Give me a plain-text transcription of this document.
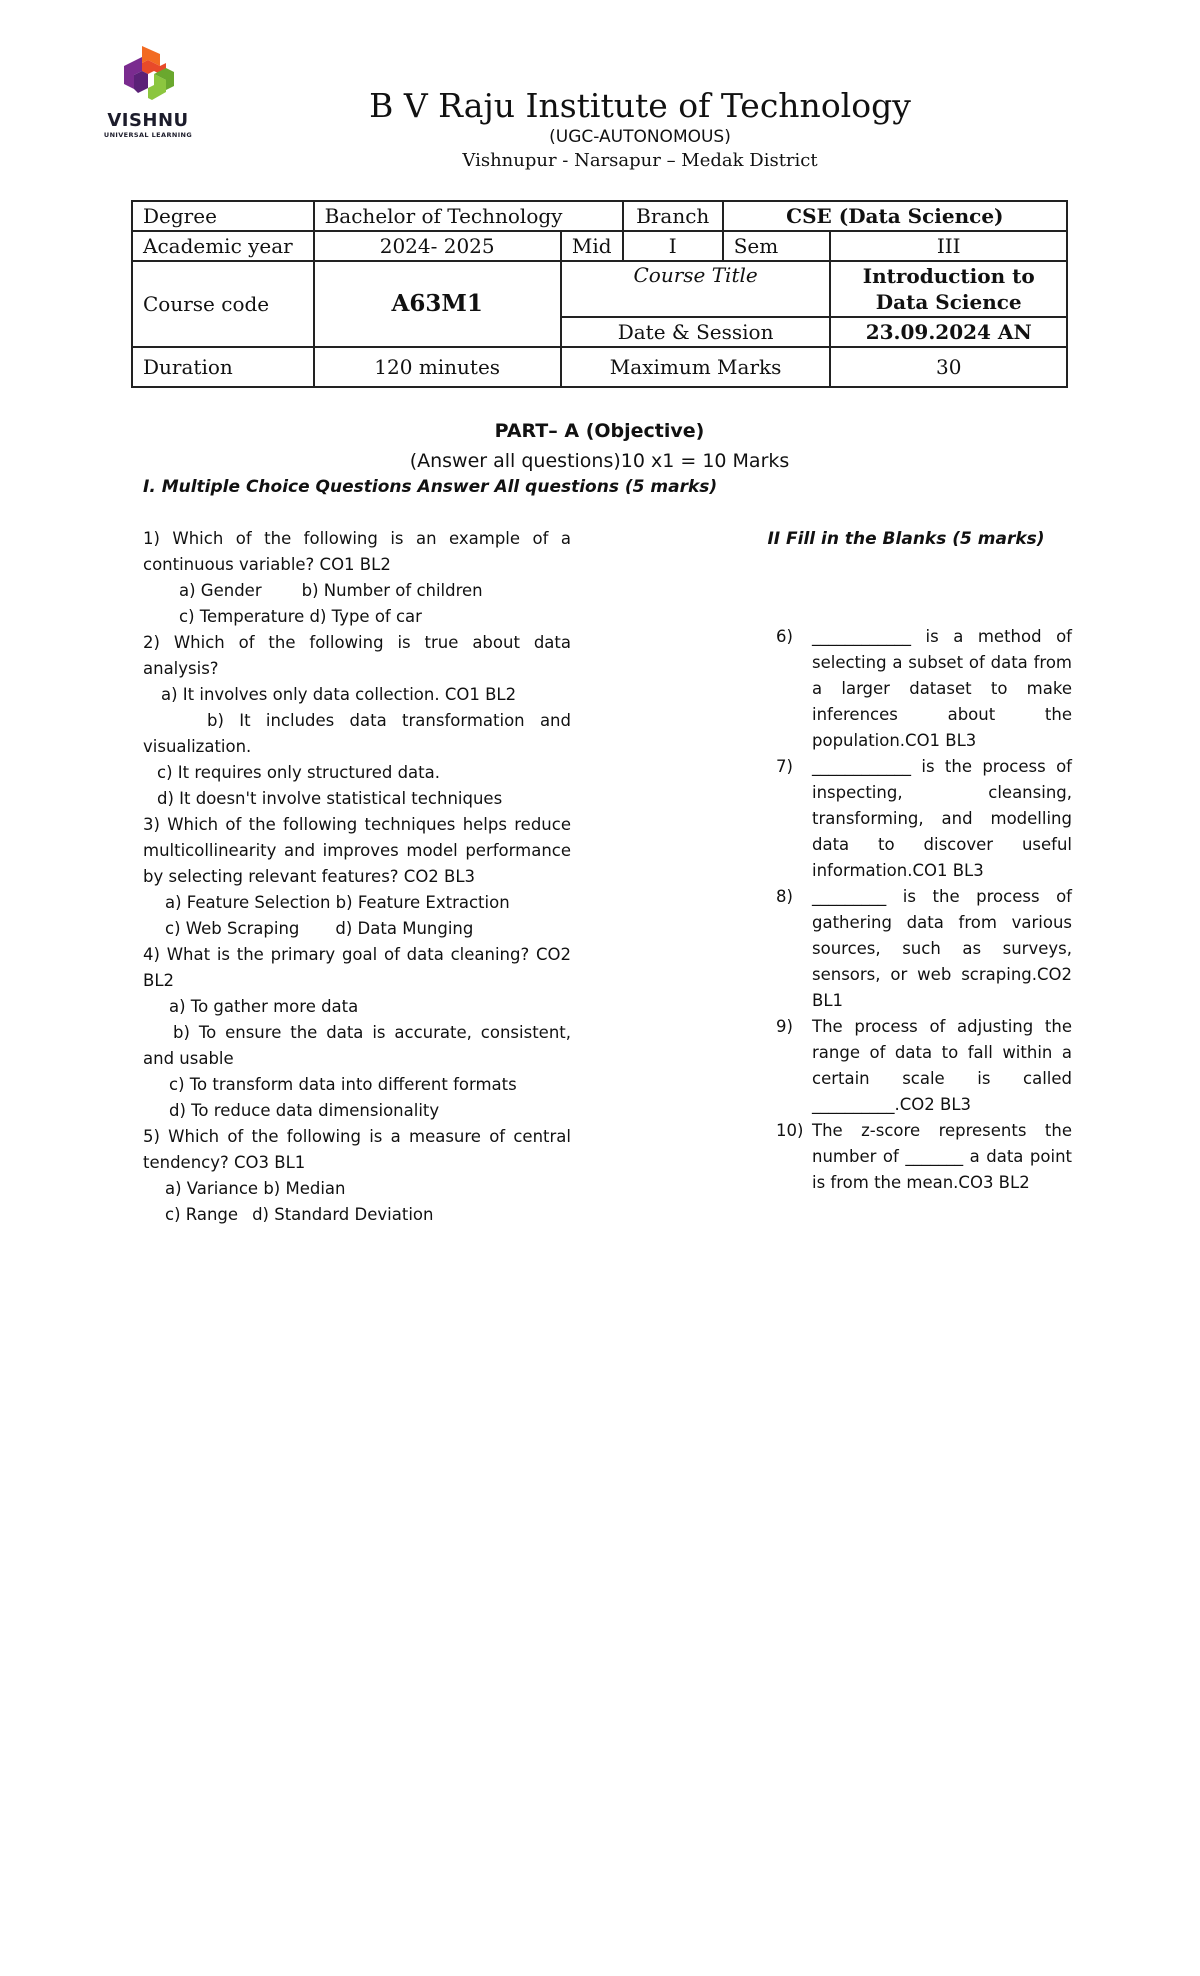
VISHNU
UNIVERSAL LEARNING
B V Raju Institute of Technology
(UGC-AUTONOMOUS)
Vishnupur - Narsapur – Medak District
Degree	Bachelor of Technology		Branch	CSE (Data Science)	
Academic year	2024- 2025	Mid	I	Sem	III
Course code	A63M1	Course Title			Introduction to Data Science
		Date & Session			23.09.2024 AN
Duration	120 minutes	Maximum Marks			30
PART– A (Objective)
(Answer all questions)10 x1 = 10 Marks
I. Multiple Choice Questions Answer All questions (5 marks)

1) Which of the following is an example of a continuous variable? CO1 BL2

a) Gender b) Number of children
c) Temperature d) Type of car

2) Which of the following is true about data analysis?

a) It involves only data collection. CO1 BL2

b) It includes data transformation and visualization.

c) It requires only structured data.
d) It doesn't involve statistical techniques

3) Which of the following techniques helps reduce multicollinearity and improves model performance by selecting relevant features? CO2 BL3

a) Feature Selection b) Feature Extraction
c) Web Scraping d) Data Munging

4) What is the primary goal of data cleaning? CO2 BL2

a) To gather more data

b) To ensure the data is accurate, consistent, and usable

c) To transform data into different formats
d) To reduce data dimensionality

5) Which of the following is a measure of central tendency? CO3 BL1

a) Variance b) Median
c) Range d) Standard Deviation
II Fill in the Blanks (5 marks)
6) ____________ is a method of selecting a subset of data from a larger dataset to make inferences about the population.CO1 BL3
7) ____________ is the process of inspecting, cleansing, transforming, and modelling data to discover useful information.CO1 BL3
8) _________ is the process of gathering data from various sources, such as surveys, sensors, or web scraping.CO2 BL1
9) The process of adjusting the range of data to fall within a certain scale is called __________.CO2 BL3
10) The z-score represents the number of _______ a data point is from the mean.CO3 BL2
